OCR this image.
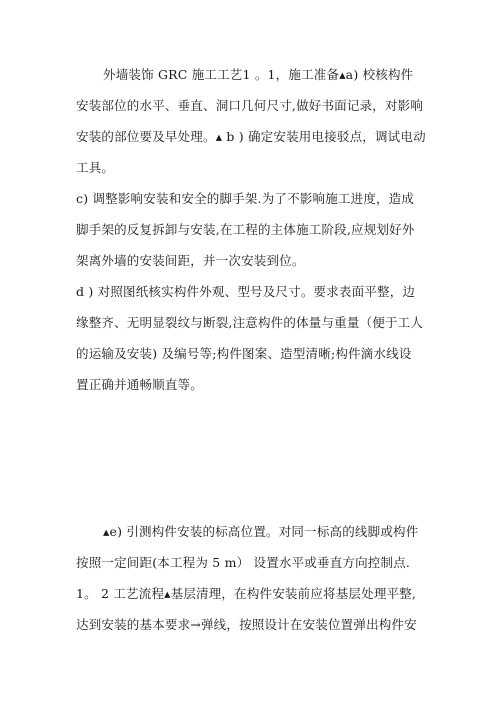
外墙装饰 GRC 施工工艺1 。1，施工准备▴a) 校核构件
安装部位的水平、垂直、洞口几何尺寸,做好书面记录，对影响
安装的部位要及早处理。▴ b ) 确定安装用电接驳点，调试电动
工具。
c) 调整影响安装和安全的脚手架.为了不影响施工进度，造成
脚手架的反复拆卸与安装,在工程的主体施工阶段,应规划好外
架离外墙的安装间距，并一次安装到位。
d ) 对照图纸核实构件外观、型号及尺寸。要求表面平整，边
缘整齐、无明显裂纹与断裂,注意构件的体量与重量（便于工人
的运输及安装) 及编号等;构件图案、造型清晰;构件滴水线设
置正确并通畅顺直等。
▴e) 引测构件安装的标高位置。对同一标高的线脚或构件
按照一定间距(本工程为 5 m） 设置水平或垂直方向控制点.
1。 2 工艺流程▴基层清理，在构件安装前应将基层处理平整,
达到安装的基本要求→弹线，按照设计在安装位置弹出构件安
